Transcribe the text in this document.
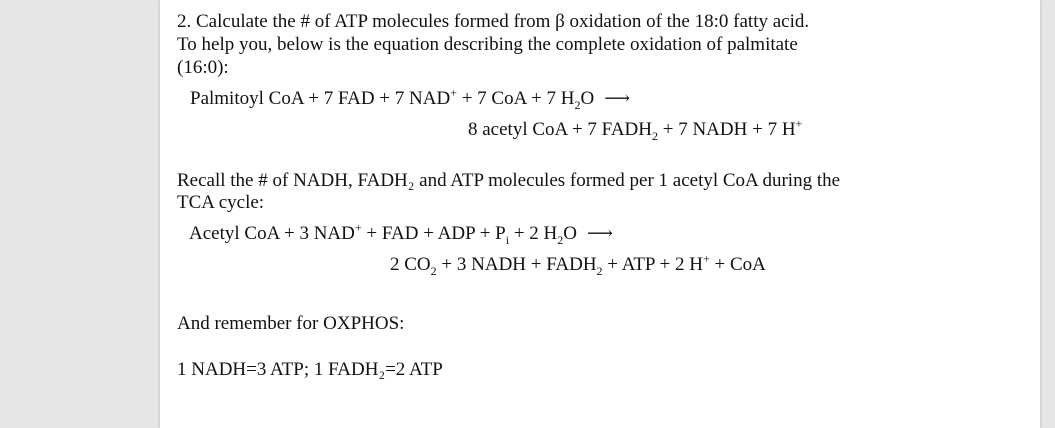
2. Calculate the # of ATP molecules formed from β oxidation of the 18:0 fatty acid.
To help you, below is the equation describing the complete oxidation of palmitate
(16:0):
Palmitoyl CoA + 7 FAD + 7 NAD+ + 7 CoA + 7 $H_2O$ ⟶
8 acetyl CoA + 7 $FADH_2 + 7$ NADH + 7 H+
Recall the # of NADH, FADH₂ and ATP molecules formed per 1 acetyl CoA during the
TCA cycle:
Acetyl CoA + 3 NAD+ + FAD + ADP + $P_i + 2$ $H_2O$ ⟶
2 $CO_2 + 3$ NADH + $FADH_2$ + ATP + 2 H+ + CoA
And remember for OXPHOS:
1 NADH=3 ATP; 1 FADH₂=2 ATP
